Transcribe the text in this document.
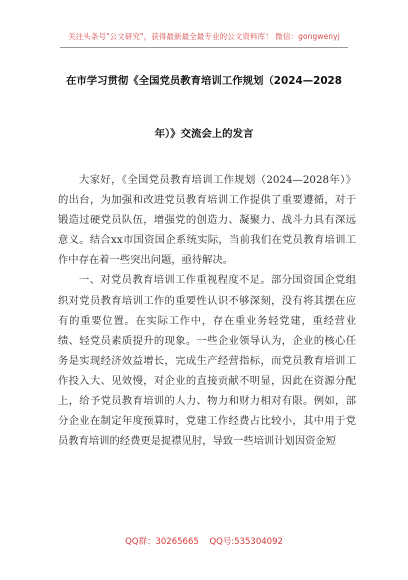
关注头条号"公文研究"，获得最新最全最专业的公文资料库！ 微信：gongwenyj
在市学习贯彻《全国党员教育培训工作规划（2024—2028
年）》交流会上的发言

大家好，《全国党员教育培训工作规划（2024—2028年）》的出台，为加强和改进党员教育培训工作提供了重要遵循，对于锻造过硬党员队伍，增强党的创造力、凝聚力、战斗力具有深远意义。结合xx市国资国企系统实际，当前我们在党员教育培训工作中存在着一些突出问题，亟待解决。

一、对党员教育培训工作重视程度不足。部分国资国企党组织对党员教育培训工作的重要性认识不够深刻，没有将其摆在应有的重要位置。在实际工作中，存在重业务轻党建，重经营业绩、轻党员素质提升的现象。一些企业领导认为，企业的核心任务是实现经济效益增长，完成生产经营指标，而党员教育培训工作投入大、见效慢，对企业的直接贡献不明显，因此在资源分配上，给予党员教育培训的人力、物力和财力相对有限。例如，部分企业在制定年度预算时，党建工作经费占比较小，其中用于党员教育培训的经费更是捉襟见肘，导致一些培训计划因资金短

QQ群：30265665 QQ号:535304092
